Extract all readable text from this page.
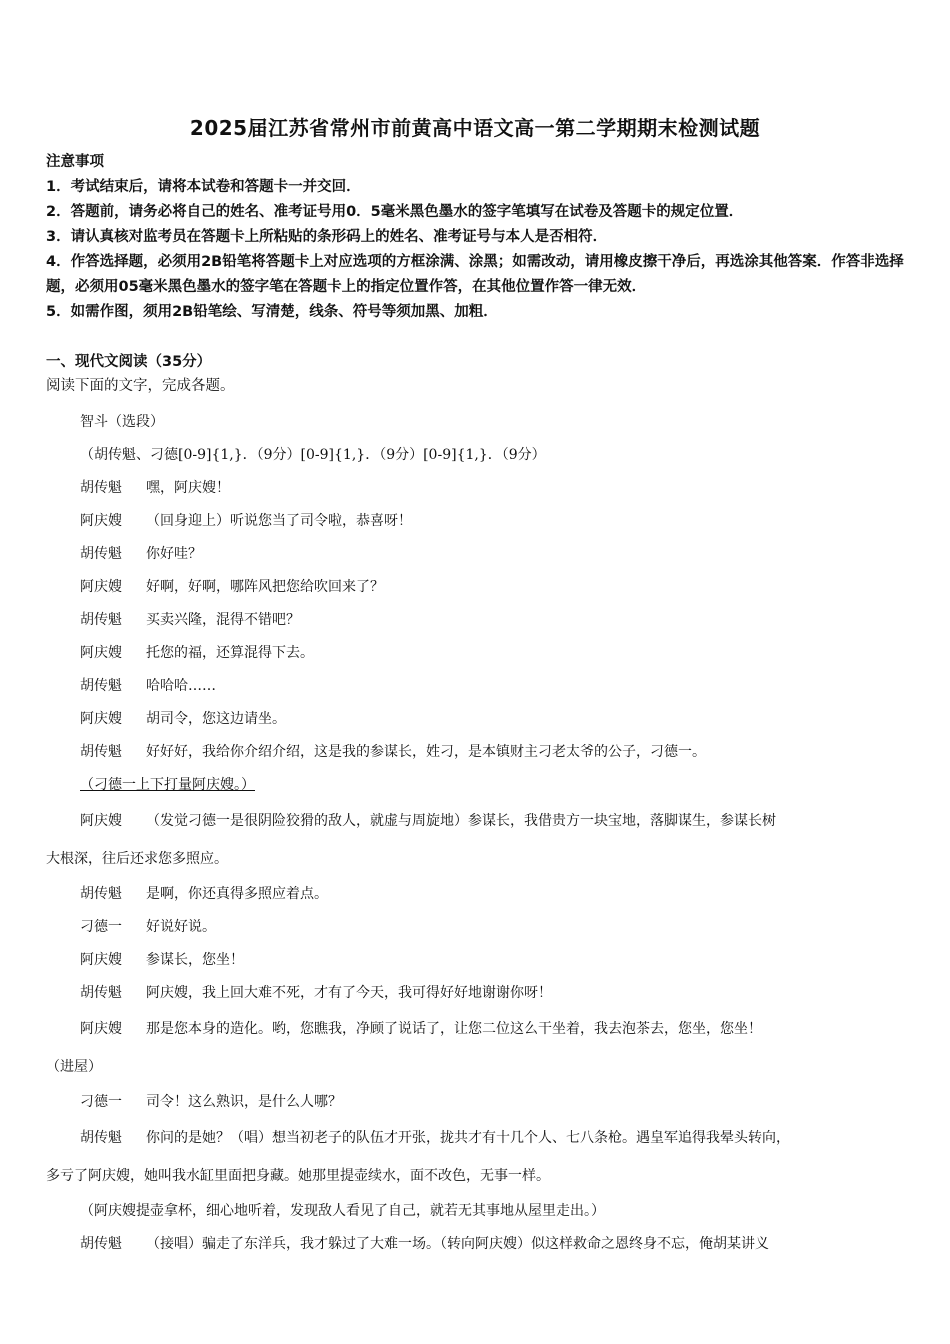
2025届江苏省常州市前黄高中语文高一第二学期期末检测试题
注意事项
1．考试结束后，请将本试卷和答题卡一并交回．
2．答题前，请务必将自己的姓名、准考证号用0．5毫米黑色墨水的签字笔填写在试卷及答题卡的规定位置．
3．请认真核对监考员在答题卡上所粘贴的条形码上的姓名、准考证号与本人是否相符．
4．作答选择题，必须用2B铅笔将答题卡上对应选项的方框涂满、涂黑；如需改动，请用橡皮擦干净后，再选涂其他答案．作答非选择题，必须用05毫米黑色墨水的签字笔在答题卡上的指定位置作答，在其他位置作答一律无效．
5．如需作图，须用2B铅笔绘、写清楚，线条、符号等须加黑、加粗．
一、现代文阅读（35分）
阅读下面的文字，完成各题。
智斗（选段）
（胡传魁、刁德[0-9]{1,}．（9分）[0-9]{1,}．（9分）[0-9]{1,}．（9分）
胡传魁 嘿，阿庆嫂！
阿庆嫂 （回身迎上）听说您当了司令啦，恭喜呀！
胡传魁 你好哇？
阿庆嫂 好啊，好啊，哪阵风把您给吹回来了？
胡传魁 买卖兴隆，混得不错吧？
阿庆嫂 托您的福，还算混得下去。
胡传魁 哈哈哈……
阿庆嫂 胡司令，您这边请坐。
胡传魁 好好好，我给你介绍介绍，这是我的参谋长，姓刁，是本镇财主刁老太爷的公子，刁德一。
（刁德一上下打量阿庆嫂。）
阿庆嫂 （发觉刁德一是很阴险狡猾的敌人，就虚与周旋地）参谋长，我借贵方一块宝地，落脚谋生，参谋长树
大根深，往后还求您多照应。
胡传魁 是啊，你还真得多照应着点。
刁德一 好说好说。
阿庆嫂 参谋长，您坐！
胡传魁 阿庆嫂，我上回大难不死，才有了今天，我可得好好地谢谢你呀！
阿庆嫂 那是您本身的造化。哟，您瞧我，净顾了说话了，让您二位这么干坐着，我去泡茶去，您坐，您坐！
（进屋）
刁德一 司令！这么熟识，是什么人哪？
胡传魁 你问的是她？（唱）想当初老子的队伍才开张，拢共才有十几个人、七八条枪。遇皇军追得我晕头转向，
多亏了阿庆嫂，她叫我水缸里面把身藏。她那里提壶续水，面不改色，无事一样。
（阿庆嫂提壶拿杯，细心地听着，发现敌人看见了自己，就若无其事地从屋里走出。）
胡传魁 （接唱）骗走了东洋兵，我才躲过了大难一场。（转向阿庆嫂）似这样救命之恩终身不忘，俺胡某讲义
